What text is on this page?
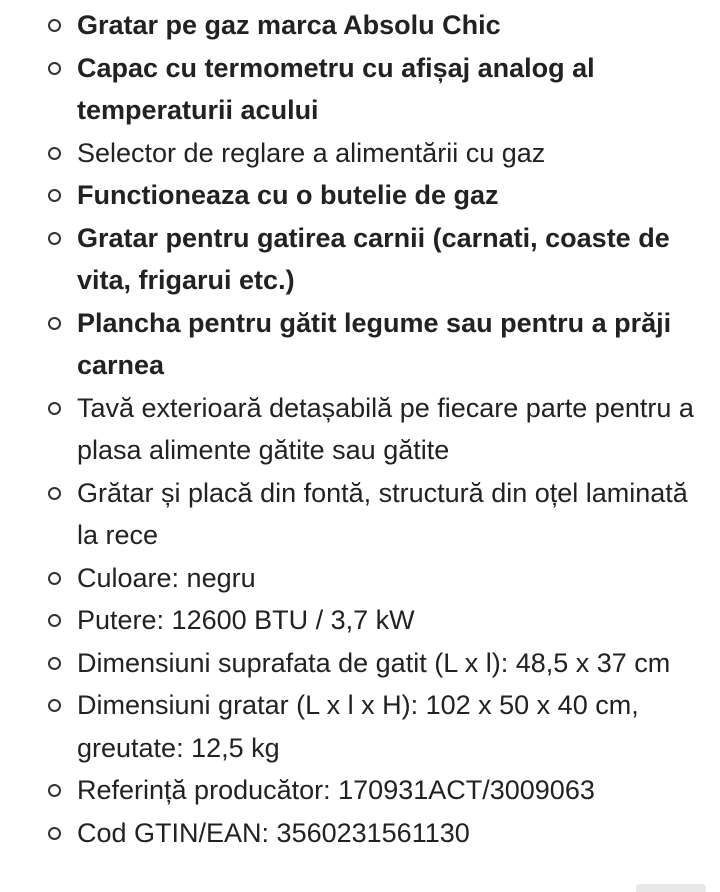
Gratar pe gaz marca Absolu Chic
Capac cu termometru cu afișaj analog al temperaturii acului
Selector de reglare a alimentării cu gaz
Functioneaza cu o butelie de gaz
Gratar pentru gatirea carnii (carnati, coaste de vita, frigarui etc.)
Plancha pentru gătit legume sau pentru a prăji carnea
Tavă exterioară detașabilă pe fiecare parte pentru a plasa alimente gătite sau gătite
Grătar și placă din fontă, structură din oțel laminată la rece
Culoare: negru
Putere: 12600 BTU / 3,7 kW
Dimensiuni suprafata de gatit (L x l): 48,5 x 37 cm
Dimensiuni gratar (L x l x H): 102 x 50 x 40 cm, greutate: 12,5 kg
Referință producător: 170931ACT/3009063
Cod GTIN/EAN: 3560231561130
